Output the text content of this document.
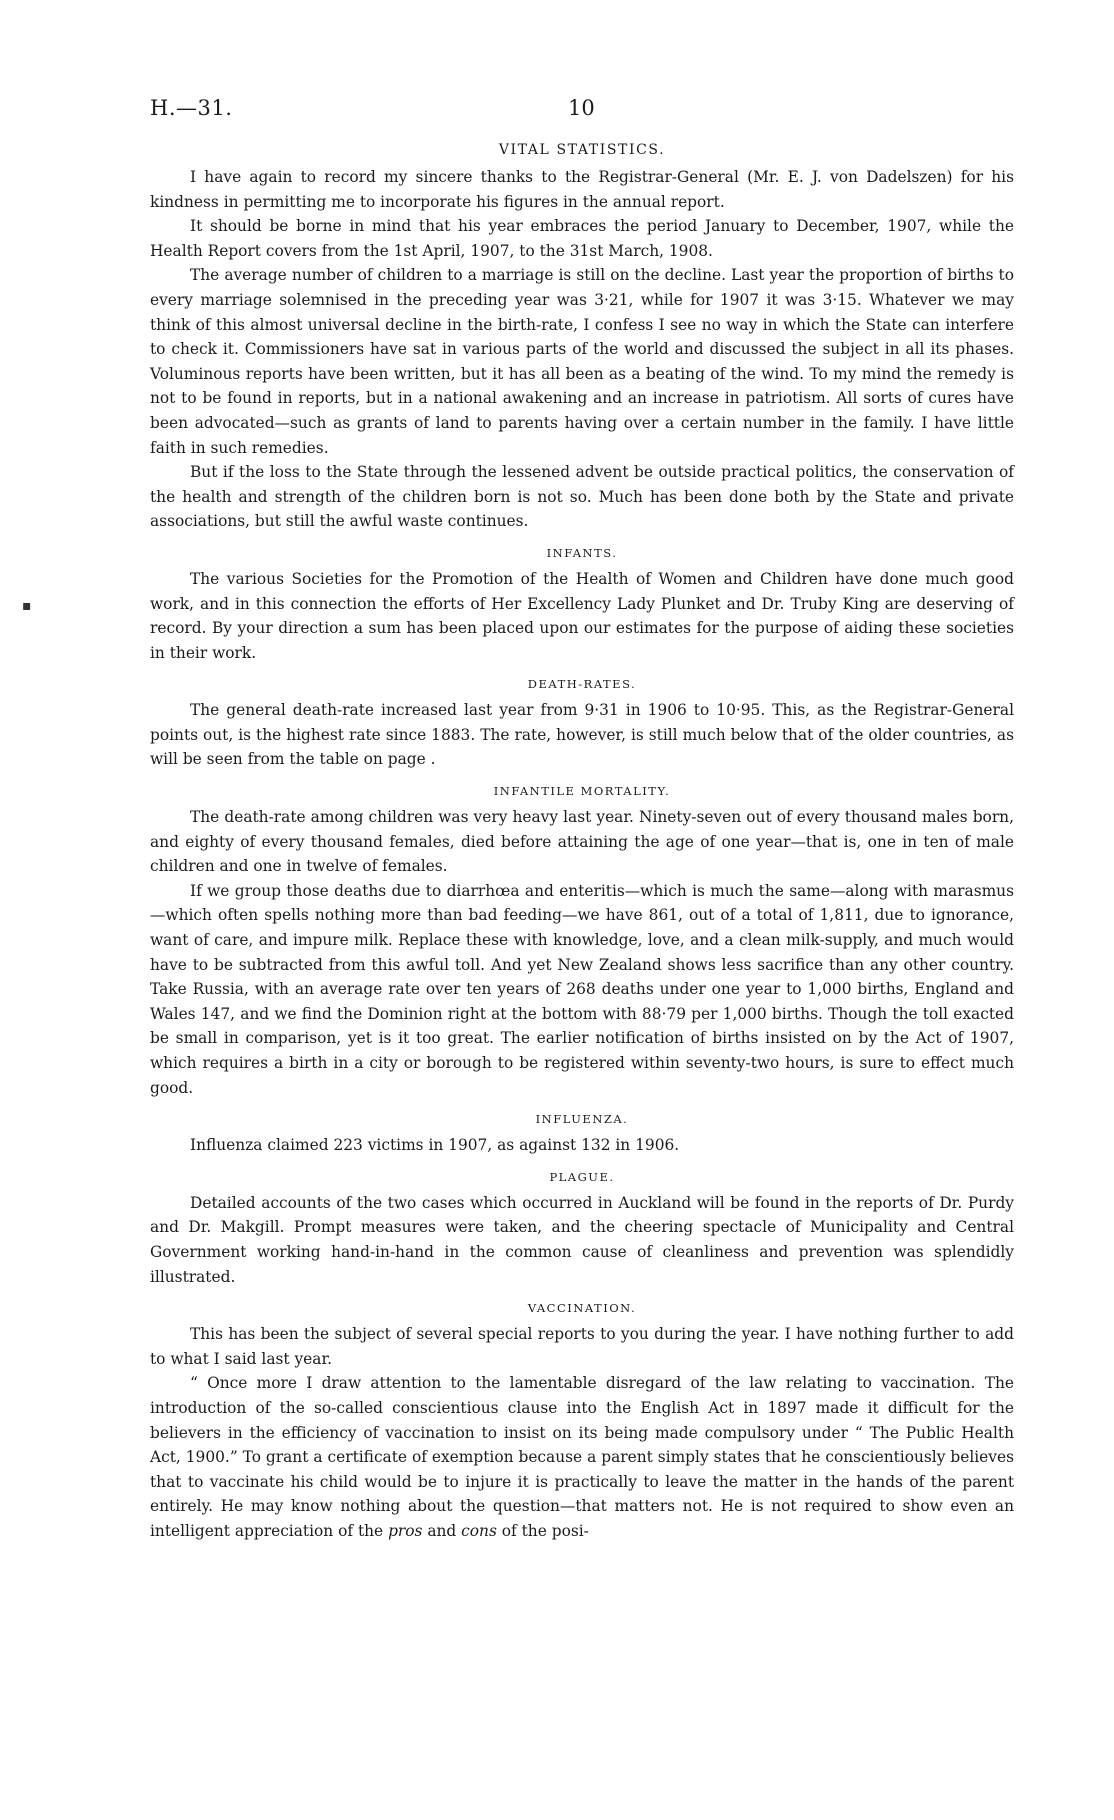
H.—31.	10
VITAL STATISTICS.

I have again to record my sincere thanks to the Registrar-General (Mr. E. J. von Dadelszen) for his kindness in permitting me to incorporate his figures in the annual report.

It should be borne in mind that his year embraces the period January to December, 1907, while the Health Report covers from the 1st April, 1907, to the 31st March, 1908.

The average number of children to a marriage is still on the decline. Last year the proportion of births to every marriage solemnised in the preceding year was 3·21, while for 1907 it was 3·15. Whatever we may think of this almost universal decline in the birth-rate, I confess I see no way in which the State can interfere to check it. Commissioners have sat in various parts of the world and discussed the subject in all its phases. Voluminous reports have been written, but it has all been as a beating of the wind. To my mind the remedy is not to be found in reports, but in a national awakening and an increase in patriotism. All sorts of cures have been advocated—such as grants of land to parents having over a certain number in the family. I have little faith in such remedies.

But if the loss to the State through the lessened advent be outside practical politics, the conservation of the health and strength of the children born is not so. Much has been done both by the State and private associations, but still the awful waste continues.

INFANTS.

The various Societies for the Promotion of the Health of Women and Children have done much good work, and in this connection the efforts of Her Excellency Lady Plunket and Dr. Truby King are deserving of record. By your direction a sum has been placed upon our estimates for the purpose of aiding these societies in their work.

DEATH-RATES.

The general death-rate increased last year from 9·31 in 1906 to 10·95. This, as the Registrar-General points out, is the highest rate since 1883. The rate, however, is still much below that of the older countries, as will be seen from the table on page .

INFANTILE MORTALITY.

The death-rate among children was very heavy last year. Ninety-seven out of every thousand males born, and eighty of every thousand females, died before attaining the age of one year—that is, one in ten of male children and one in twelve of females.

If we group those deaths due to diarrhœa and enteritis—which is much the same—along with marasmus—which often spells nothing more than bad feeding—we have 861, out of a total of 1,811, due to ignorance, want of care, and impure milk. Replace these with knowledge, love, and a clean milk-supply, and much would have to be subtracted from this awful toll. And yet New Zealand shows less sacrifice than any other country. Take Russia, with an average rate over ten years of 268 deaths under one year to 1,000 births, England and Wales 147, and we find the Dominion right at the bottom with 88·79 per 1,000 births. Though the toll exacted be small in comparison, yet is it too great. The earlier notification of births insisted on by the Act of 1907, which requires a birth in a city or borough to be registered within seventy-two hours, is sure to effect much good.

INFLUENZA.

Influenza claimed 223 victims in 1907, as against 132 in 1906.

PLAGUE.

Detailed accounts of the two cases which occurred in Auckland will be found in the reports of Dr. Purdy and Dr. Makgill. Prompt measures were taken, and the cheering spectacle of Municipality and Central Government working hand-in-hand in the common cause of cleanliness and prevention was splendidly illustrated.

VACCINATION.

This has been the subject of several special reports to you during the year. I have nothing further to add to what I said last year.

“ Once more I draw attention to the lamentable disregard of the law relating to vaccination. The introduction of the so-called conscientious clause into the English Act in 1897 made it difficult for the believers in the efficiency of vaccination to insist on its being made compulsory under “ The Public Health Act, 1900.” To grant a certificate of exemption because a parent simply states that he conscientiously believes that to vaccinate his child would be to injure it is practically to leave the matter in the hands of the parent entirely. He may know nothing about the question—that matters not. He is not required to show even an intelligent appreciation of the pros and cons of the posi-

▪
